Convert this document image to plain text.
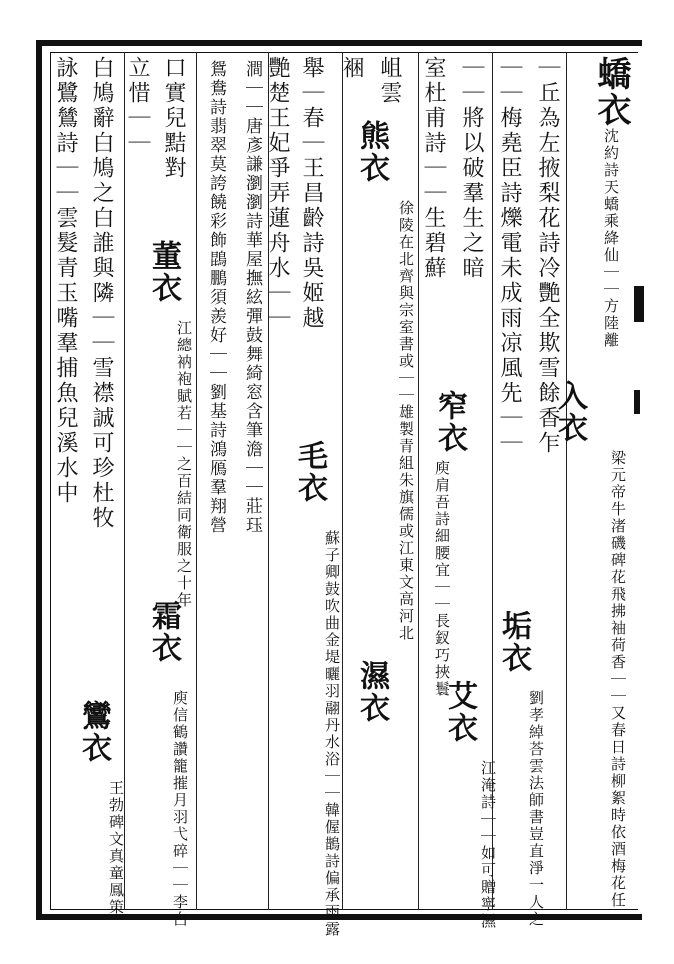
蟜衣沈約詩天蟜乘絳仙｜｜方陸離
入衣
｜丘為左掖梨花詩冷艷全欺雪餘香乍
梁元帝牛渚磯碑花飛拂袖荷香｜｜又春日詩柳絮時依酒梅花任
｜｜梅堯臣詩爍電未成雨凉風先｜｜
垢衣
劉孝綽荅雲法師書豈直淨一人之
｜｜將以破羣生之暗
艾衣
江淹詩｜｜如可贈寧濕
室杜甫詩｜｜生碧蘚
窄衣
庾肩吾詩細腰宜｜｜長釵巧挾鬟
岨雲
熊衣
裍
徐陵在北齊與宗室書或｜｜雄製青組朱旗儒或江東文高河北
濕衣
舉｜春｜王昌齡詩吳姬越
毛衣
蘇子卿鼓吹曲金堤曬羽翮丹水浴｜｜韓偓鵲詩偏承雨露
艷楚王妃爭弄蓮舟水｜｜
澗｜｜唐彥謙瀏瀏詩華屋撫絃彈鼓舞綺窓含筆澹｜｜莊珏
鴛鴦詩翡翠莫誇饒彩飾鵾鵬須羨好｜｜劉基詩鴻鴈羣翔營
口實兒黠對
董衣
江總衲袍賦若｜｜之百結同衛服之十年
霜衣
庾信鶴讚籠摧月羽弋碎｜｜李白
立惜｜｜
白鳩辭白鳩之白誰與隣｜｜雪襟誠可珍杜牧
鸞衣
王勃碑文真童鳳策
詠鷺鷥詩｜｜雲髮青玉嘴羣捕魚兒溪水中
